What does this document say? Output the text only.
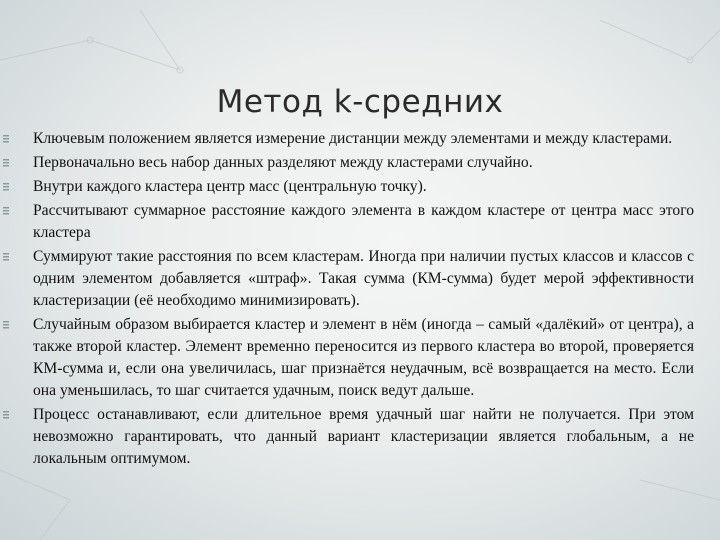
Метод k-средних
Ключевым положением является измерение дистанции между элементами и между кластерами.
Первоначально весь набор данных разделяют между кластерами случайно.
Внутри каждого кластера центр масс (центральную точку).
Рассчитывают суммарное расстояние каждого элемента в каждом кластере от центра масс этого кластера
Суммируют такие расстояния по всем кластерам. Иногда при наличии пустых классов и классов с одним элементом добавляется «штраф». Такая сумма (КМ-сумма) будет мерой эффективности кластеризации (её необходимо минимизировать).
Случайным образом выбирается кластер и элемент в нём (иногда – самый «далёкий» от центра), а также второй кластер. Элемент временно переносится из первого кластера во второй, проверяется КМ-сумма и, если она увеличилась, шаг признаётся неудачным, всё возвращается на место. Если она уменьшилась, то шаг считается удачным, поиск ведут дальше.
Процесс останавливают, если длительное время удачный шаг найти не получается. При этом невозможно гарантировать, что данный вариант кластеризации является глобальным, а не локальным оптимумом.
